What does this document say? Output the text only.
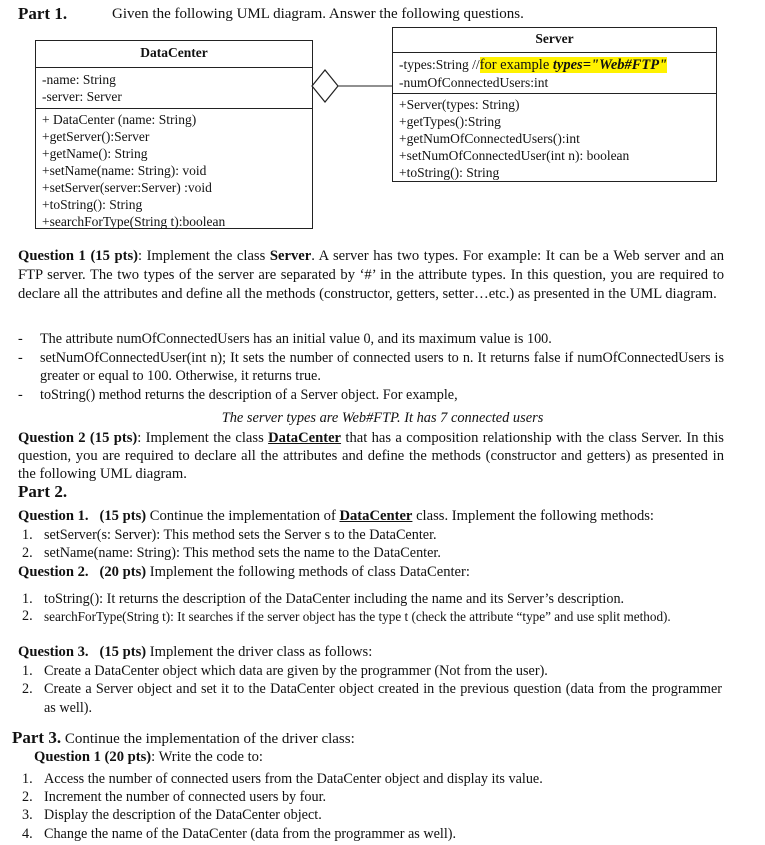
Part 1.	Given the following UML diagram. Answer the following questions.
DataCenter
-name: String
-server: Server
+ DataCenter (name: String)
+getServer():Server
+getName(): String
+setName(name: String): void
+setServer(server:Server) :void
+toString(): String
+searchForType(String t):boolean
Server
-types:String //for example types="Web#FTP"
-numOfConnectedUsers:int
+Server(types: String)
+getTypes():String
+getNumOfConnectedUsers():int
+setNumOfConnectedUser(int n): boolean
+toString(): String
Question 1 (15 pts): Implement the class Server. A server has two types. For example: It can be a Web server and an FTP server. The two types of the server are separated by ‘#’ in the attribute types. In this question, you are required to declare all the attributes and define all the methods (constructor, getters, setter…etc.) as presented in the UML diagram.
-	The attribute numOfConnectedUsers has an initial value 0, and its maximum value is 100.
-	setNumOfConnectedUser(int n); It sets the number of connected users to n. It returns false if numOfConnectedUsers is greater or equal to 100. Otherwise, it returns true.
-	toString() method returns the description of a Server object. For example,
The server types are Web#FTP. It has 7 connected users
Question 2 (15 pts): Implement the class DataCenter that has a composition relationship with the class Server. In this question, you are required to declare all the attributes and define the methods (constructor and getters) as presented in the following UML diagram.
Part 2.
Question 1. (15 pts) Continue the implementation of DataCenter class. Implement the following methods:
1. setServer(s: Server): This method sets the Server s to the DataCenter.
2. setName(name: String): This method sets the name to the DataCenter.
Question 2. (20 pts) Implement the following methods of class DataCenter:
1. toString(): It returns the description of the DataCenter including the name and its Server’s description.
2. searchForType(String t): It searches if the server object has the type t (check the attribute “type” and use split method).
Question 3. (15 pts) Implement the driver class as follows:
1. Create a DataCenter object which data are given by the programmer (Not from the user).
2. Create a Server object and set it to the DataCenter object created in the previous question (data from the programmer as well).
Part 3. Continue the implementation of the driver class:
Question 1 (20 pts): Write the code to:
1. Access the number of connected users from the DataCenter object and display its value.
2. Increment the number of connected users by four.
3. Display the description of the DataCenter object.
4. Change the name of the DataCenter (data from the programmer as well).
